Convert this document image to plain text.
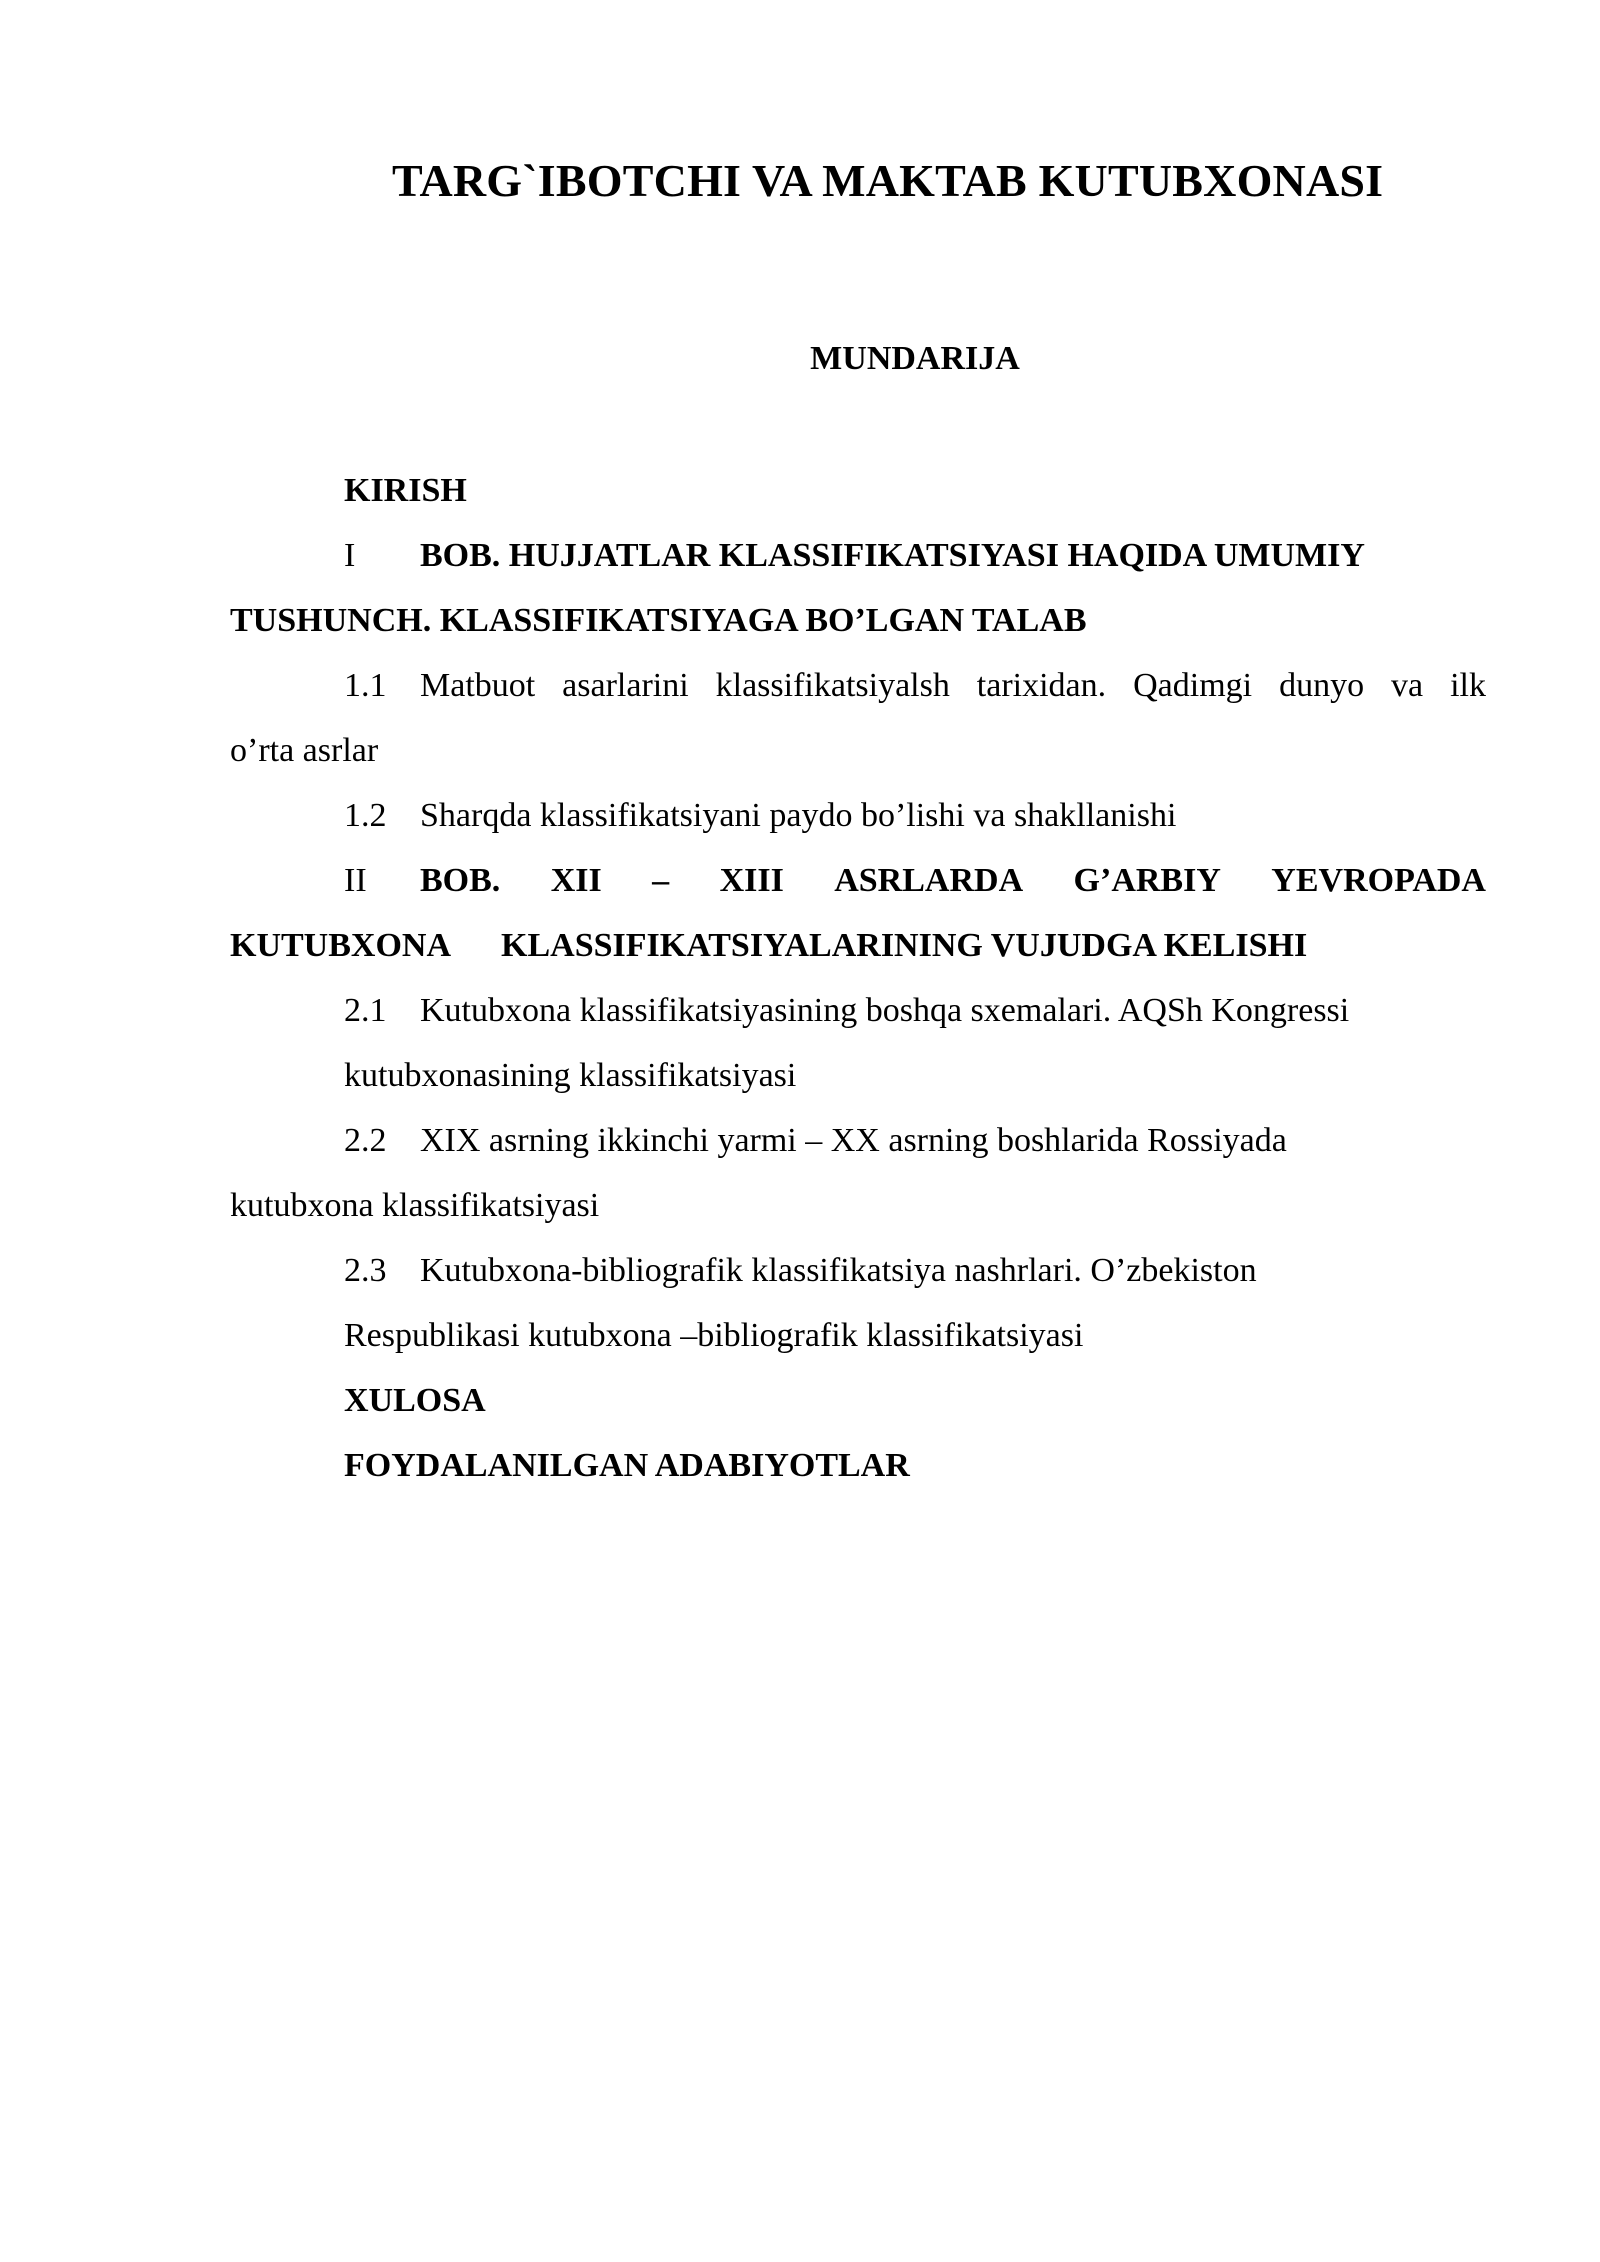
TARG`IBOTCHI VA MAKTAB KUTUBXONASI
MUNDARIJA

KIRISH

I BOB. HUJJATLAR KLASSIFIKATSIYASI HAQIDA UMUMIY
TUSHUNCH. KLASSIFIKATSIYAGA BO’LGAN TALAB
1.1 Matbuot asarlarini klassifikatsiyalsh tarixidan. Qadimgi dunyo va ilk
o’rta asrlar
1.2 Sharqda klassifikatsiyani paydo bo’lishi va shakllanishi
II	BOB. XII – XIII ASRLARDA G’ARBIY YEVROPADA
KUTUBXONA KLASSIFIKATSIYALARINING VUJUDGA KELISHI
2.1 Kutubxona klassifikatsiyasining boshqa sxemalari. AQSh Kongressi
kutubxonasining klassifikatsiyasi
2.2 XIX asrning ikkinchi yarmi – XX asrning boshlarida Rossiyada
kutubxona klassifikatsiyasi
2.3 Kutubxona-bibliografik klassifikatsiya nashrlari. O’zbekiston
Respublikasi kutubxona –bibliografik klassifikatsiyasi

XULOSA

FOYDALANILGAN ADABIYOTLAR
